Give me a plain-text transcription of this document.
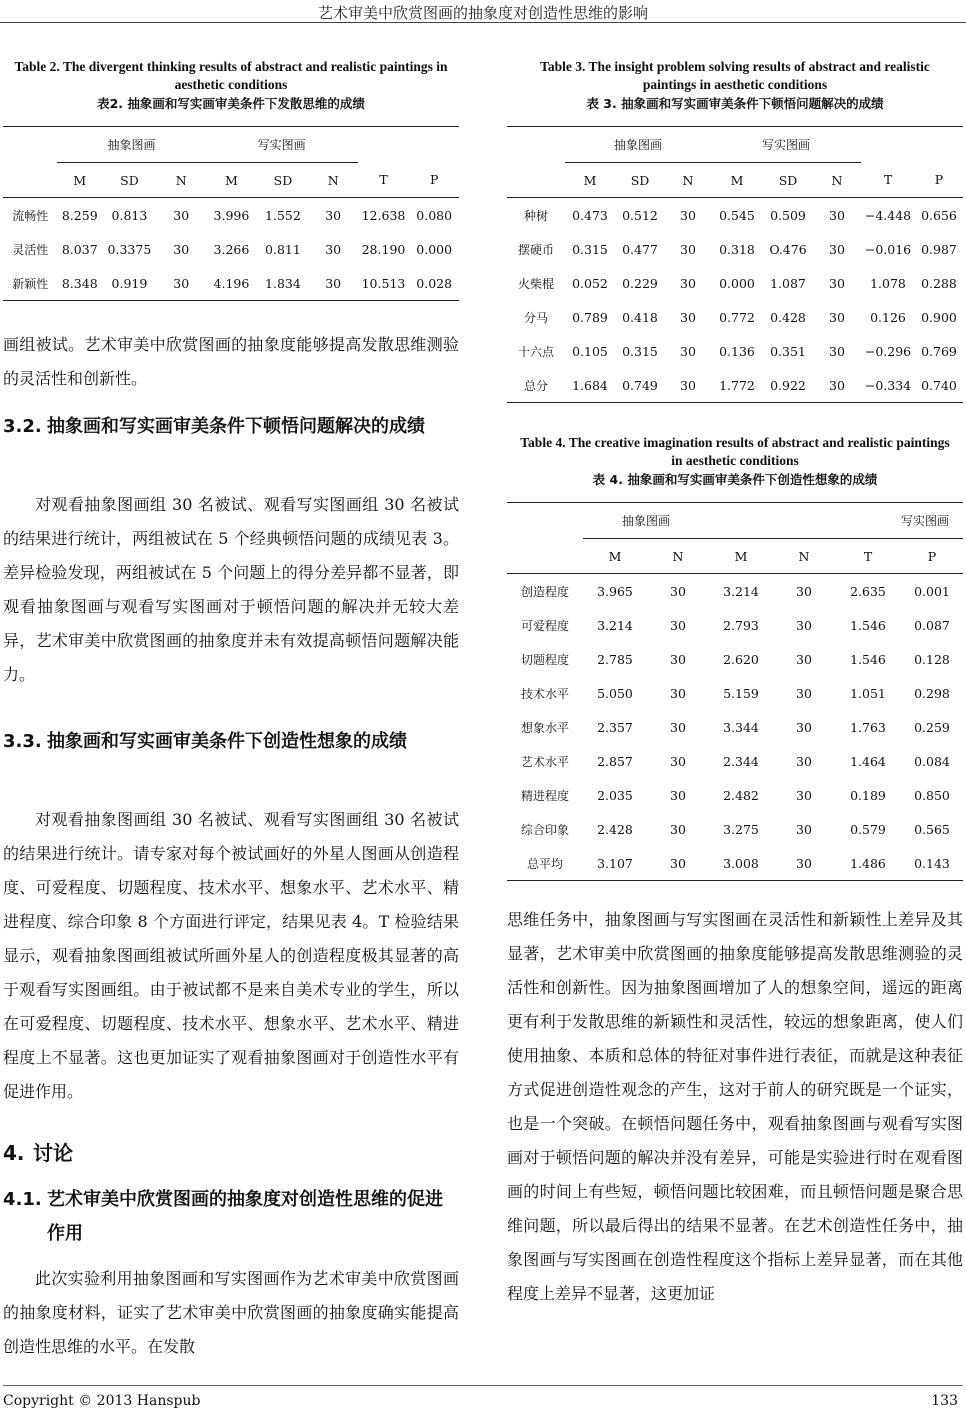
艺术审美中欣赏图画的抽象度对创造性思维的影响
Table 2. The divergent thinking results of abstract and realistic paintings in aesthetic conditions
表2. 抽象画和写实画审美条件下发散思维的成绩
	抽象图画			写实图画				
	M	SD	N	M	SD	N	T	P
流畅性	8.259	0.813	30	3.996	1.552	30	12.638	0.080
灵活性	8.037	0.3375	30	3.266	0.811	30	28.190	0.000
新颖性	8.348	0.919	30	4.196	1.834	30	10.513	0.028
画组被试。艺术审美中欣赏图画的抽象度能够提高发散思维测验的灵活性和创新性。
3.2. 抽象画和写实画审美条件下顿悟问题解决的成绩
对观看抽象图画组 30 名被试、观看写实图画组 30 名被试的结果进行统计，两组被试在 5 个经典顿悟问题的成绩见表 3。差异检验发现，两组被试在 5 个问题上的得分差异都不显著，即观看抽象图画与观看写实图画对于顿悟问题的解决并无较大差异，艺术审美中欣赏图画的抽象度并未有效提高顿悟问题解决能力。
3.3. 抽象画和写实画审美条件下创造性想象的成绩
对观看抽象图画组 30 名被试、观看写实图画组 30 名被试的结果进行统计。请专家对每个被试画好的外星人图画从创造程度、可爱程度、切题程度、技术水平、想象水平、艺术水平、精进程度、综合印象 8 个方面进行评定，结果见表 4。T 检验结果显示，观看抽象图画组被试所画外星人的创造程度极其显著的高于观看写实图画组。由于被试都不是来自美术专业的学生，所以在可爱程度、切题程度、技术水平、想象水平、艺术水平、精进程度上不显著。这也更加证实了观看抽象图画对于创造性水平有促进作用。
4. 讨论
4.1. 艺术审美中欣赏图画的抽象度对创造性思维的促进作用
此次实验利用抽象图画和写实图画作为艺术审美中欣赏图画的抽象度材料，证实了艺术审美中欣赏图画的抽象度确实能提高创造性思维的水平。在发散
Table 3. The insight problem solving results of abstract and realistic paintings in aesthetic conditions
表 3. 抽象画和写实画审美条件下顿悟问题解决的成绩
	抽象图画			写实图画				
	M	SD	N	M	SD	N	T	P
种树	0.473	0.512	30	0.545	0.509	30	−4.448	0.656
摆硬币	0.315	0.477	30	0.318	O.476	30	−0.016	0.987
火柴棍	0.052	0.229	30	0.000	1.087	30	1.078	0.288
分马	0.789	0.418	30	0.772	0.428	30	0.126	0.900
十六点	0.105	0.315	30	0.136	0.351	30	−0.296	0.769
总分	1.684	0.749	30	1.772	0.922	30	−0.334	0.740
Table 4. The creative imagination results of abstract and realistic paintings in aesthetic conditions
表 4. 抽象画和写实画审美条件下创造性想象的成绩
	抽象图画				写实图画	
	M	N	M	N	T	P
创造程度	3.965	30	3.214	30	2.635	0.001
可爱程度	3.214	30	2.793	30	1.546	0.087
切题程度	2.785	30	2.620	30	1.546	0.128
技术水平	5.050	30	5.159	30	1.051	0.298
想象水平	2.357	30	3.344	30	1.763	0.259
艺术水平	2.857	30	2.344	30	1.464	0.084
精进程度	2.035	30	2.482	30	0.189	0.850
综合印象	2.428	30	3.275	30	0.579	0.565
总平均	3.107	30	3.008	30	1.486	0.143
思维任务中，抽象图画与写实图画在灵活性和新颖性上差异及其显著，艺术审美中欣赏图画的抽象度能够提高发散思维测验的灵活性和创新性。因为抽象图画增加了人的想象空间，遥远的距离更有利于发散思维的新颖性和灵活性，较远的想象距离，使人们使用抽象、本质和总体的特征对事件进行表征，而就是这种表征方式促进创造性观念的产生，这对于前人的研究既是一个证实，也是一个突破。在顿悟问题任务中，观看抽象图画与观看写实图画对于顿悟问题的解决并没有差异，可能是实验进行时在观看图画的时间上有些短，顿悟问题比较困难，而且顿悟问题是聚合思维问题，所以最后得出的结果不显著。在艺术创造性任务中，抽象图画与写实图画在创造性程度这个指标上差异显著，而在其他程度上差异不显著，这更加证
Copyright © 2013 Hanspub	133
